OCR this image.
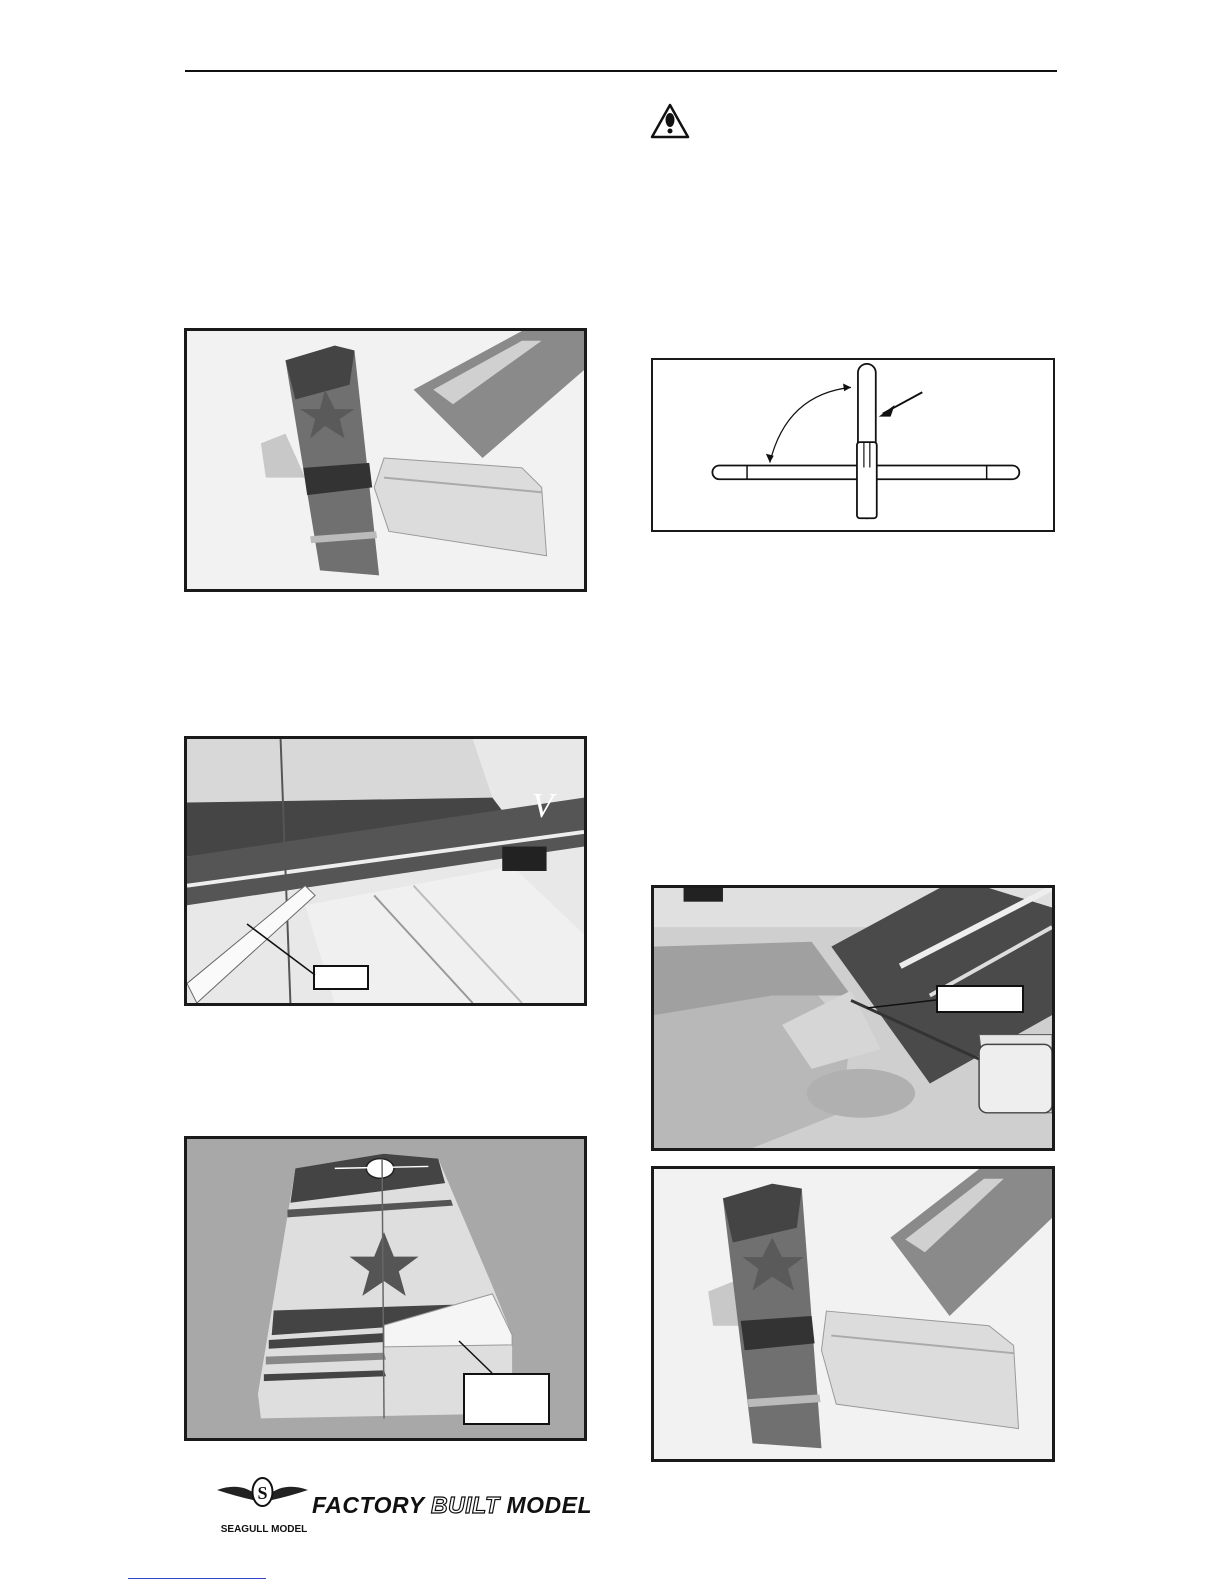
V
S
SEAGULL MODEL
FACTORY BUILT MODEL
